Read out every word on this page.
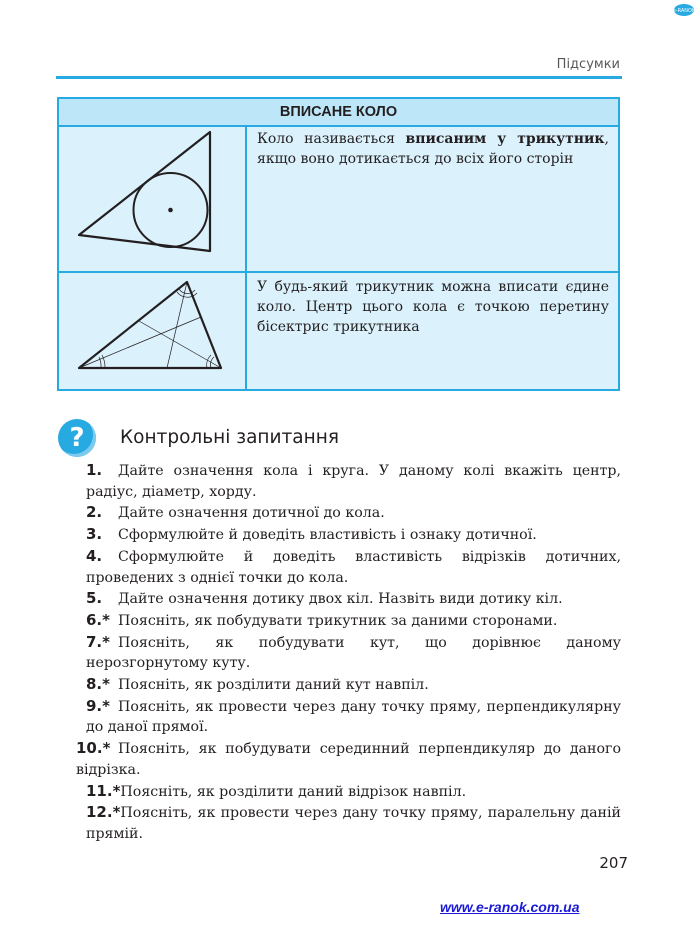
e-RANOK
Підсумки
ВПИСАНЕ КОЛО
Коло називається вписаним у трикутник, якщо воно дотикається до всіх його сторін
У будь-який трикутник можна вписати єдине коло. Центр цього кола є точкою перетину бісектрис трикутника
?	Контрольні запитання

1. Дайте означення кола і круга. У даному колі вкажіть центр, радіус, діаметр, хорду.

2. Дайте означення дотичної до кола.

3. Сформулюйте й доведіть властивість і ознаку дотичної.

4. Сформулюйте й доведіть властивість відрізків дотичних, проведених з однієї точки до кола.

5. Дайте означення дотику двох кіл. Назвіть види дотику кіл.

6.* Поясніть, як побудувати трикутник за даними сторонами.

7.* Поясніть, як побудувати кут, що дорівнює даному нерозгорнутому куту.

8.* Поясніть, як розділити даний кут навпіл.

9.* Поясніть, як провести через дану точку пряму, перпендикулярну до даної прямої.

10.* Поясніть, як побудувати серединний перпендикуляр до даного відрізка.

11.*Поясніть, як розділити даний відрізок навпіл.

12.*Поясніть, як провести через дану точку пряму, паралельну даній прямій.

207
www.e-ranok.com.ua
